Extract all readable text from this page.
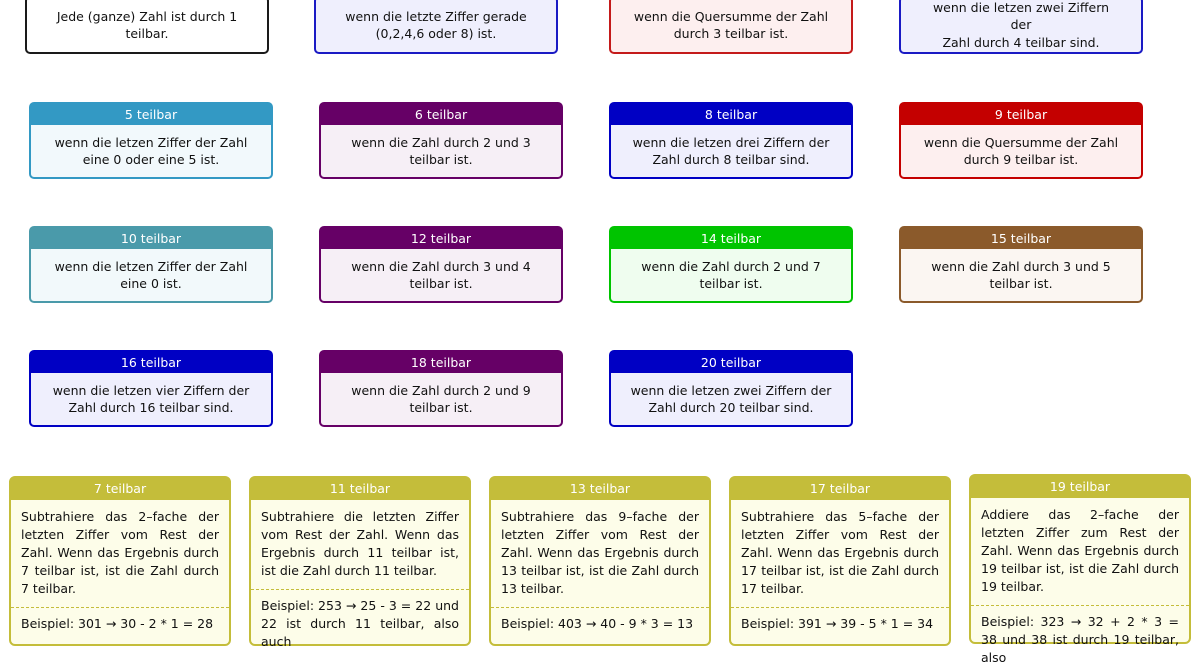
Jede (ganze) Zahl ist durch 1
teilbar.
wenn die letzte Ziffer gerade
(0,2,4,6 oder 8) ist.
wenn die Quersumme der Zahl
durch 3 teilbar ist.
wenn die letzen zwei Ziffern der
Zahl durch 4 teilbar sind.
5 teilbar
wenn die letzen Ziffer der Zahl
eine 0 oder eine 5 ist.
6 teilbar
wenn die Zahl durch 2 und 3
teilbar ist.
8 teilbar
wenn die letzen drei Ziffern der
Zahl durch 8 teilbar sind.
9 teilbar
wenn die Quersumme der Zahl
durch 9 teilbar ist.
10 teilbar
wenn die letzen Ziffer der Zahl
eine 0 ist.
12 teilbar
wenn die Zahl durch 3 und 4
teilbar ist.
14 teilbar
wenn die Zahl durch 2 und 7
teilbar ist.
15 teilbar
wenn die Zahl durch 3 und 5
teilbar ist.
16 teilbar
wenn die letzen vier Ziffern der
Zahl durch 16 teilbar sind.
18 teilbar
wenn die Zahl durch 2 und 9
teilbar ist.
20 teilbar
wenn die letzen zwei Ziffern der
Zahl durch 20 teilbar sind.
7 teilbar
Subtrahiere das 2–fache der letzten Ziffer vom Rest der Zahl. Wenn das Ergebnis durch 7 teilbar ist, ist die Zahl durch 7 teilbar.
Beispiel: 301 → 30 - 2 * 1 = 28
11 teilbar
Subtrahiere die letzten Ziffer vom Rest der Zahl. Wenn das Ergebnis durch 11 teilbar ist, ist die Zahl durch 11 teilbar.
Beispiel: 253 → 25 - 3 = 22 und 22 ist durch 11 teilbar, also auch
13 teilbar
Subtrahiere das 9–fache der letzten Ziffer vom Rest der Zahl. Wenn das Ergebnis durch 13 teilbar ist, ist die Zahl durch 13 teilbar.
Beispiel: 403 → 40 - 9 * 3 = 13
17 teilbar
Subtrahiere das 5–fache der letzten Ziffer vom Rest der Zahl. Wenn das Ergebnis durch 17 teilbar ist, ist die Zahl durch 17 teilbar.
Beispiel: 391 → 39 - 5 * 1 = 34
19 teilbar
Addiere das 2–fache der letzten Ziffer zum Rest der Zahl. Wenn das Ergebnis durch 19 teilbar ist, ist die Zahl durch 19 teilbar.
Beispiel: 323 → 32 + 2 * 3 = 38 und 38 ist durch 19 teilbar, also
